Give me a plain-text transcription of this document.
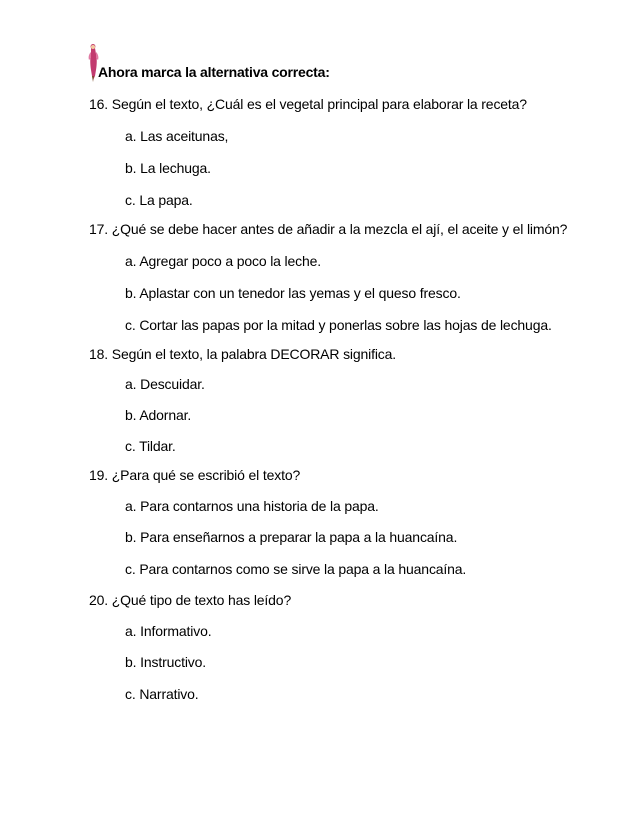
Ahora marca la alternativa correcta:
16. Según el texto, ¿Cuál es el vegetal principal para elaborar la receta?
a. Las aceitunas,
b. La lechuga.
c. La papa.
17. ¿Qué se debe hacer antes de añadir a la mezcla el ají, el aceite y el limón?
a. Agregar poco a poco la leche.
b. Aplastar con un tenedor las yemas y el queso fresco.
c. Cortar las papas por la mitad y ponerlas sobre las hojas de lechuga.
18. Según el texto, la palabra DECORAR significa.
a. Descuidar.
b. Adornar.
c. Tildar.
19. ¿Para qué se escribió el texto?
a. Para contarnos una historia de la papa.
b. Para enseñarnos a preparar la papa a la huancaína.
c. Para contarnos como se sirve la papa a la huancaína.
20. ¿Qué tipo de texto has leído?
a. Informativo.
b. Instructivo.
c. Narrativo.
